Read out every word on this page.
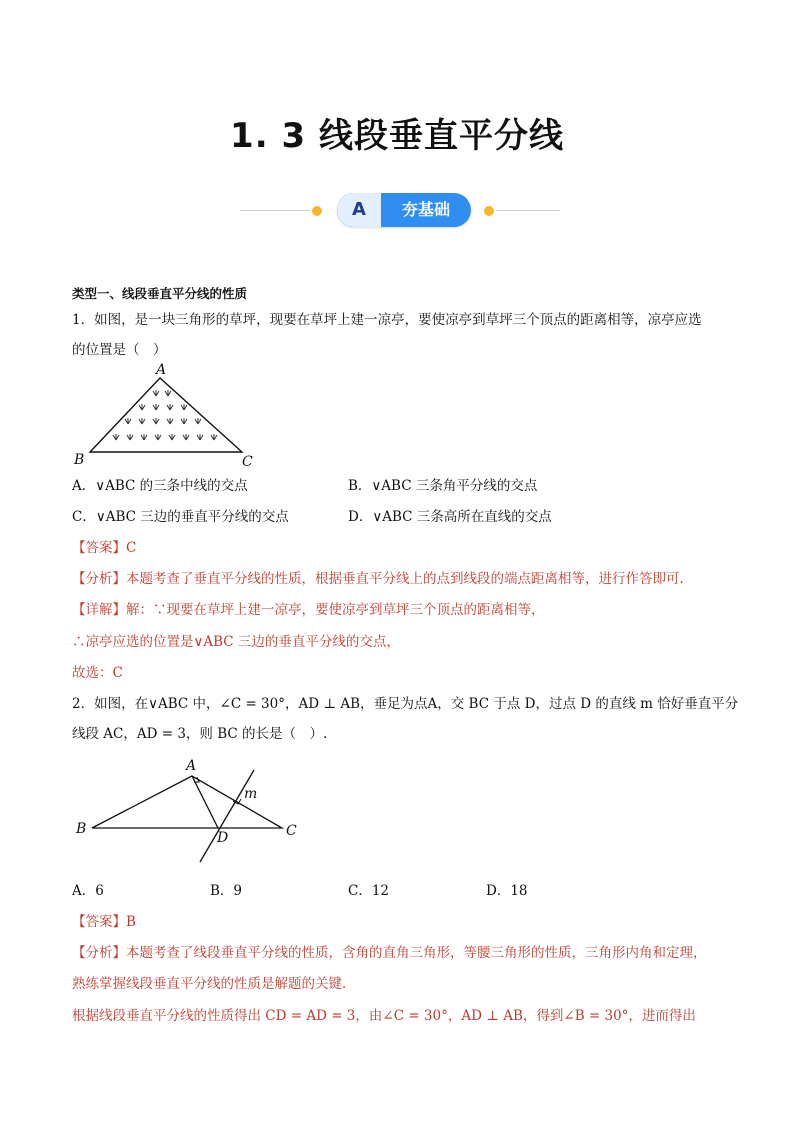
1. 3 线段垂直平分线
A	夯基础
类型一、线段垂直平分线的性质
1．如图，是一块三角形的草坪，现要在草坪上建一凉亭，要使凉亭到草坪三个顶点的距离相等，凉亭应选
的位置是（　）
A
B	C
A．∨ABC 的三条中线的交点	B．∨ABC 三条角平分线的交点
C．∨ABC 三边的垂直平分线的交点	D．∨ABC 三条高所在直线的交点
【答案】C
【分析】本题考查了垂直平分线的性质，根据垂直平分线上的点到线段的端点距离相等，进行作答即可．
【详解】解：∵现要在草坪上建一凉亭，要使凉亭到草坪三个顶点的距离相等，
∴凉亭应选的位置是∨ABC 三边的垂直平分线的交点，
故选：C
2．如图，在∨ABC 中，∠C = 30°，AD ⊥ AB，垂足为点A，交 BC 于点 D，过点 D 的直线 m 恰好垂直平分
线段 AC，AD = 3，则 BC 的长是（　）.
A
B	C
D
m
A．6	B．9	C．12	D．18
【答案】B
【分析】本题考查了线段垂直平分线的性质，含角的直角三角形，等腰三角形的性质，三角形内角和定理，
熟练掌握线段垂直平分线的性质是解题的关键．
根据线段垂直平分线的性质得出 CD = AD = 3，由∠C = 30°，AD ⊥ AB，得到∠B = 30°，进而得出
